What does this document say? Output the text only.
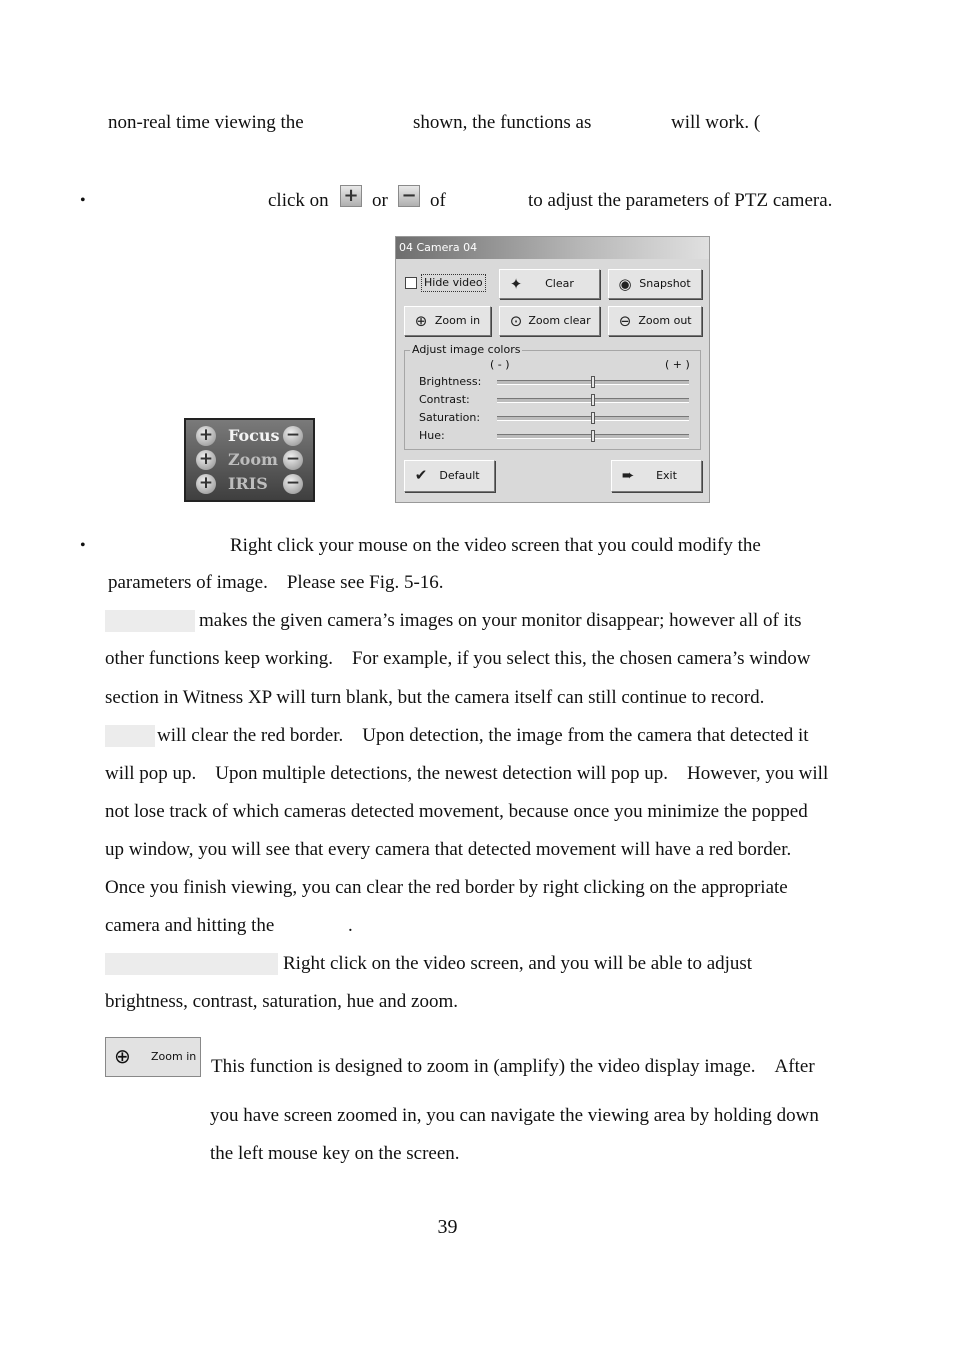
non-real time viewing the	shown, the functions as	will work. (
•	click on + or − of	to adjust the parameters of PTZ camera.
+ Focus −
+ Zoom −
+ IRIS −
04 Camera 04
Hide video ✦	Clear	◉ Snapshot
⊕ Zoom in	⊙ Zoom clear	⊖ Zoom out
Adjust image colors
( - )	( + )
Brightness:
Contrast:
Saturation:
Hue:
✔	Default	➨	Exit
•	Right click your mouse on the video screen that you could modify the
parameters of image.　Please see Fig. 5-16.
makes the given camera’s images on your monitor disappear; however all of its
other functions keep working.　For example, if you select this, the chosen camera’s window
section in Witness XP will turn blank, but the camera itself can still continue to record.
will clear the red border.　Upon detection, the image from the camera that detected it
will pop up.　Upon multiple detections, the newest detection will pop up.　However, you will
not lose track of which cameras detected movement, because once you minimize the popped
up window, you will see that every camera that detected movement will have a red border.
Once you finish viewing, you can clear the red border by right clicking on the appropriate
camera and hitting the	.
Right click on the video screen, and you will be able to adjust
brightness, contrast, saturation, hue and zoom.
⊕ Zoom in This function is designed to zoom in (amplify) the video display image.　After
you have screen zoomed in, you can navigate the viewing area by holding down
the left mouse key on the screen.
39
